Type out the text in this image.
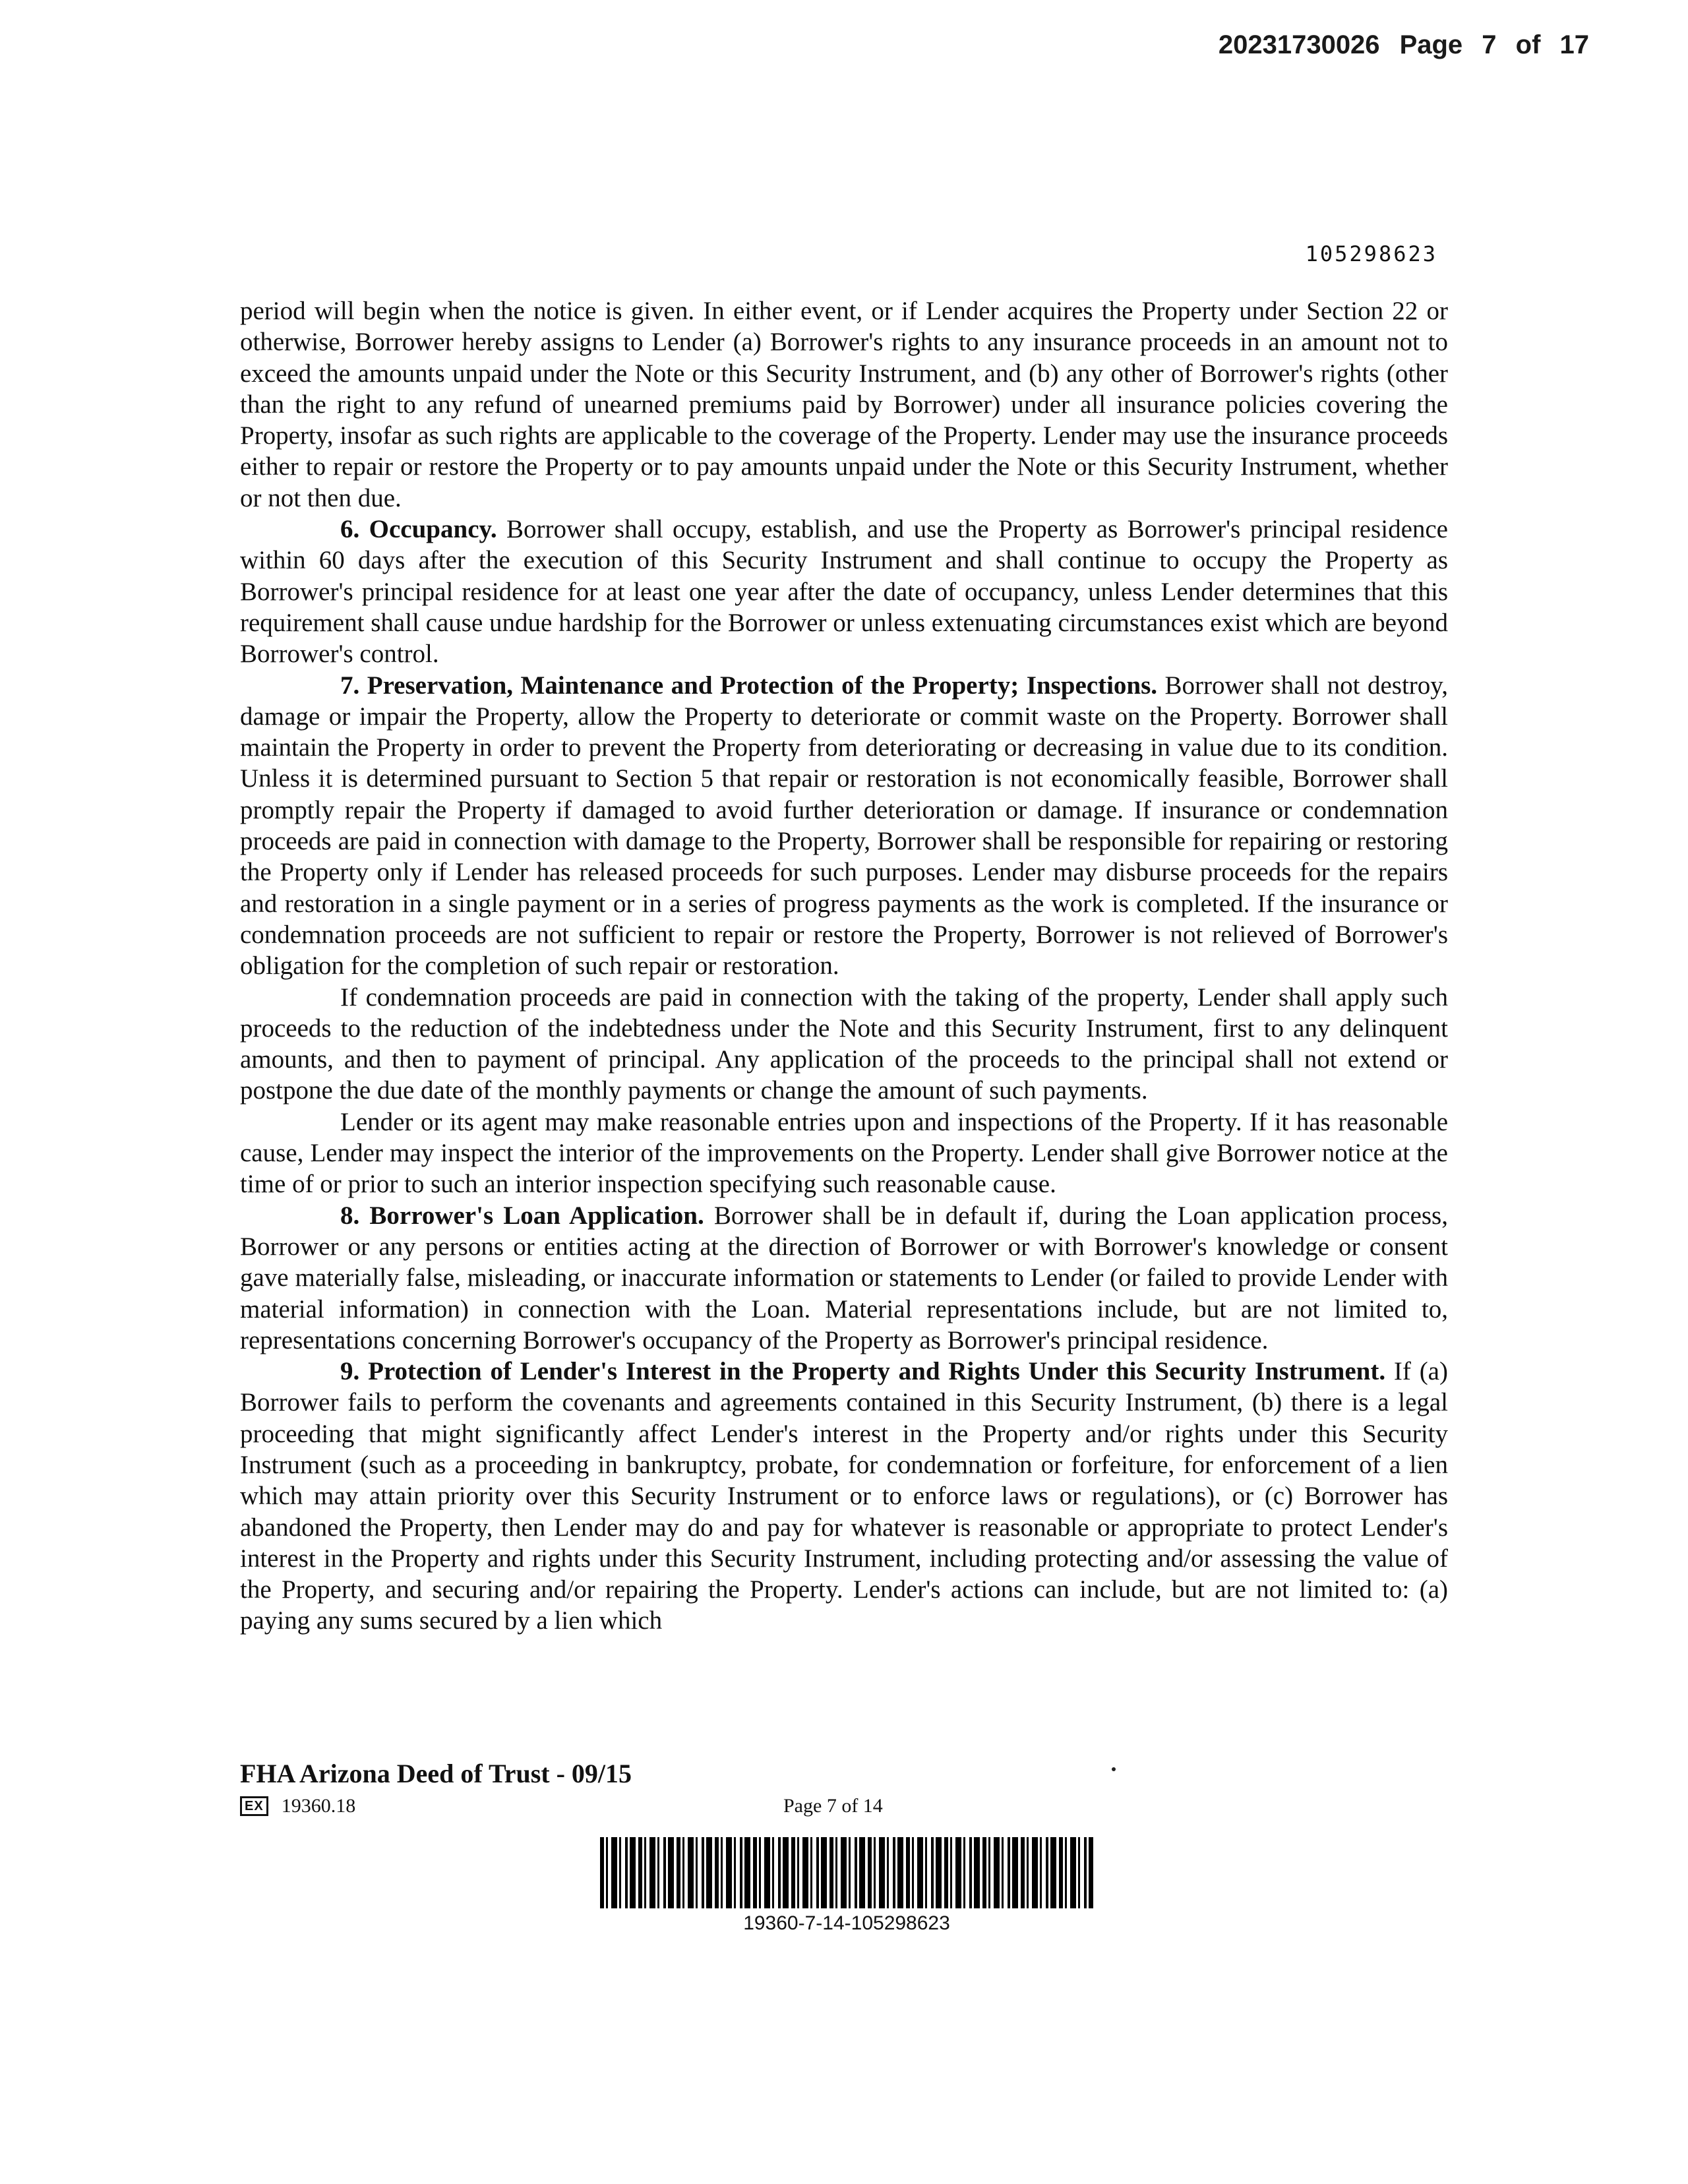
20231730026 Page 7 of 17
105298623

period will begin when the notice is given. In either event, or if Lender acquires the Property under Section 22 or otherwise, Borrower hereby assigns to Lender (a) Borrower's rights to any insurance proceeds in an amount not to exceed the amounts unpaid under the Note or this Security Instrument, and (b) any other of Borrower's rights (other than the right to any refund of unearned premiums paid by Borrower) under all insurance policies covering the Property, insofar as such rights are applicable to the coverage of the Property. Lender may use the insurance proceeds either to repair or restore the Property or to pay amounts unpaid under the Note or this Security Instrument, whether or not then due.

6. Occupancy. Borrower shall occupy, establish, and use the Property as Borrower's principal residence within 60 days after the execution of this Security Instrument and shall continue to occupy the Property as Borrower's principal residence for at least one year after the date of occupancy, unless Lender determines that this requirement shall cause undue hardship for the Borrower or unless extenuating circumstances exist which are beyond Borrower's control.

7. Preservation, Maintenance and Protection of the Property; Inspections. Borrower shall not destroy, damage or impair the Property, allow the Property to deteriorate or commit waste on the Property. Borrower shall maintain the Property in order to prevent the Property from deteriorating or decreasing in value due to its condition. Unless it is determined pursuant to Section 5 that repair or restoration is not economically feasible, Borrower shall promptly repair the Property if damaged to avoid further deterioration or damage. If insurance or condemnation proceeds are paid in connection with damage to the Property, Borrower shall be responsible for repairing or restoring the Property only if Lender has released proceeds for such purposes. Lender may disburse proceeds for the repairs and restoration in a single payment or in a series of progress payments as the work is completed. If the insurance or condemnation proceeds are not sufficient to repair or restore the Property, Borrower is not relieved of Borrower's obligation for the completion of such repair or restoration.

If condemnation proceeds are paid in connection with the taking of the property, Lender shall apply such proceeds to the reduction of the indebtedness under the Note and this Security Instrument, first to any delinquent amounts, and then to payment of principal. Any application of the proceeds to the principal shall not extend or postpone the due date of the monthly payments or change the amount of such payments.

Lender or its agent may make reasonable entries upon and inspections of the Property. If it has reasonable cause, Lender may inspect the interior of the improvements on the Property. Lender shall give Borrower notice at the time of or prior to such an interior inspection specifying such reasonable cause.

8. Borrower's Loan Application. Borrower shall be in default if, during the Loan application process, Borrower or any persons or entities acting at the direction of Borrower or with Borrower's knowledge or consent gave materially false, misleading, or inaccurate information or statements to Lender (or failed to provide Lender with material information) in connection with the Loan. Material representations include, but are not limited to, representations concerning Borrower's occupancy of the Property as Borrower's principal residence.

9. Protection of Lender's Interest in the Property and Rights Under this Security Instrument. If (a) Borrower fails to perform the covenants and agreements contained in this Security Instrument, (b) there is a legal proceeding that might significantly affect Lender's interest in the Property and/or rights under this Security Instrument (such as a proceeding in bankruptcy, probate, for condemnation or forfeiture, for enforcement of a lien which may attain priority over this Security Instrument or to enforce laws or regulations), or (c) Borrower has abandoned the Property, then Lender may do and pay for whatever is reasonable or appropriate to protect Lender's interest in the Property and rights under this Security Instrument, including protecting and/or assessing the value of the Property, and securing and/or repairing the Property. Lender's actions can include, but are not limited to: (a) paying any sums secured by a lien which

FHA Arizona Deed of Trust - 09/15
EX 19360.18	Page 7 of 14
19360-7-14-105298623
